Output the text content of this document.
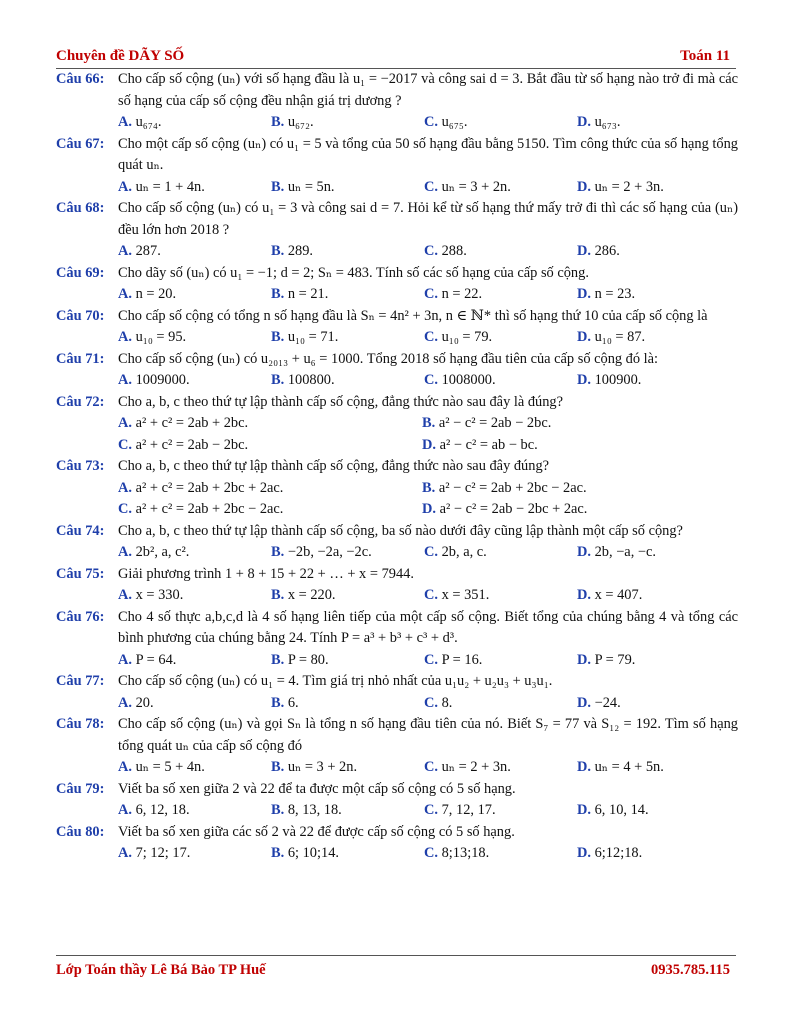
Chuyên đề DÃY SỐ	Toán 11
Câu 66: Cho cấp số cộng (uₙ) với số hạng đầu là u₁ = −2017 và công sai d = 3. Bắt đầu từ số hạng nào trở đi mà các số hạng của cấp số cộng đều nhận giá trị dương ?
A. u₆₇₄.	B. u₆₇₂.	C. u₆₇₅.	D. u₆₇₃.
Câu 67: Cho một cấp số cộng (uₙ) có u₁ = 5 và tổng của 50 số hạng đầu bằng 5150. Tìm công thức của số hạng tổng quát uₙ.
A. uₙ = 1 + 4n.	B. uₙ = 5n.	C. uₙ = 3 + 2n.	D. uₙ = 2 + 3n.
Câu 68: Cho cấp số cộng (uₙ) có u₁ = 3 và công sai d = 7. Hỏi kể từ số hạng thứ mấy trở đi thì các số hạng của (uₙ) đều lớn hơn 2018 ?
A. 287.	B. 289.	C. 288.	D. 286.
Câu 69: Cho dãy số (uₙ) có u₁ = −1; d = 2; Sₙ = 483. Tính số các số hạng của cấp số cộng.
A. n = 20.	B. n = 21.	C. n = 22.	D. n = 23.
Câu 70: Cho cấp số cộng có tổng n số hạng đầu là Sₙ = 4n² + 3n, n ∈ ℕ* thì số hạng thứ 10 của cấp số cộng là
A. u₁₀ = 95.	B. u₁₀ = 71.	C. u₁₀ = 79.	D. u₁₀ = 87.
Câu 71: Cho cấp số cộng (uₙ) có u₂₀₁₃ + u₆ = 1000. Tổng 2018 số hạng đầu tiên của cấp số cộng đó là:
A. 1009000.	B. 100800.	C. 1008000.	D. 100900.
Câu 72: Cho a, b, c theo thứ tự lập thành cấp số cộng, đẳng thức nào sau đây là đúng?
A. a² + c² = 2ab + 2bc.	B. a² − c² = 2ab − 2bc.
C. a² + c² = 2ab − 2bc.	D. a² − c² = ab − bc.
Câu 73: Cho a, b, c theo thứ tự lập thành cấp số cộng, đẳng thức nào sau đây đúng?
A. a² + c² = 2ab + 2bc + 2ac.	B. a² − c² = 2ab + 2bc − 2ac.
C. a² + c² = 2ab + 2bc − 2ac.	D. a² − c² = 2ab − 2bc + 2ac.
Câu 74: Cho a, b, c theo thứ tự lập thành cấp số cộng, ba số nào dưới đây cũng lập thành một cấp số cộng?
A. 2b², a, c².	B. −2b, −2a, −2c.	C. 2b, a, c.	D. 2b, −a, −c.
Câu 75: Giải phương trình 1 + 8 + 15 + 22 + … + x = 7944.
A. x = 330.	B. x = 220.	C. x = 351.	D. x = 407.
Câu 76: Cho 4 số thực a,b,c,d là 4 số hạng liên tiếp của một cấp số cộng. Biết tổng của chúng bằng 4 và tổng các bình phương của chúng bằng 24. Tính P = a³ + b³ + c³ + d³.
A. P = 64.	B. P = 80.	C. P = 16.	D. P = 79.
Câu 77: Cho cấp số cộng (uₙ) có u₁ = 4. Tìm giá trị nhỏ nhất của u₁u₂ + u₂u₃ + u₃u₁.
A. 20.	B. 6.	C. 8.	D. −24.
Câu 78: Cho cấp số cộng (uₙ) và gọi Sₙ là tổng n số hạng đầu tiên của nó. Biết S₇ = 77 và S₁₂ = 192. Tìm số hạng tổng quát uₙ của cấp số cộng đó
A. uₙ = 5 + 4n.	B. uₙ = 3 + 2n.	C. uₙ = 2 + 3n.	D. uₙ = 4 + 5n.
Câu 79: Viết ba số xen giữa 2 và 22 để ta được một cấp số cộng có 5 số hạng.
A. 6, 12, 18.	B. 8, 13, 18.	C. 7, 12, 17.	D. 6, 10, 14.
Câu 80: Viết ba số xen giữa các số 2 và 22 để được cấp số cộng có 5 số hạng.
A. 7; 12; 17.	B. 6; 10;14.	C. 8;13;18.	D. 6;12;18.
Lớp Toán thầy Lê Bá Bảo TP Huế	0935.785.115
